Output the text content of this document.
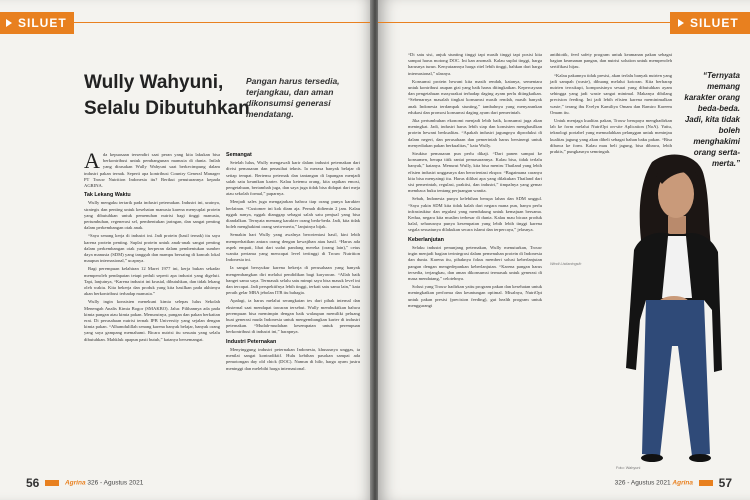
SILUET
Wully Wahyuni,
Selalu Dibutuhkan
Pangan harus tersedia, terjangkau, dan aman dikonsumsi generasi mendatang.
A da kepuasaan tersendiri saat peran yang kita lakukan bisa berkontribusi untuk pembangunan manusia di dunia. Inilah yang dirasakan Wully Wahyuni saat berkecimpung dalam industri pakan ternak. Seperti apa kontribusi Country General Manager PT Trouw Nutrition Indonesia itu? Berikut penuturannya kepada AGRINA.

Tak Lekang Waktu

Wully mengaku tertarik pada industri peternakan. Industri ini, urainya, strategis dan penting untuk kesehatan manusia karena menyuplai protein yang dibutuhkan untuk pemenuhan nutrisi bagi tinggi manusia, pertumbuhan, regenerasi sel, pembentukan jaringan, dan sangat penting dalam perkembangan otak anak.

“Saya senang kerja di industri ini. Jadi protein (hasil ternak) itu saya karena protein penting. Suplai protein untuk anak-anak sangat penting dalam perkembangan otak yang berperan dalam pembentukan sumber daya manusia (SDM) yang tangguh dan mampu bersaing di kancah lokal maupun internasional,” ucapnya.

Bagi perempuan kelahiran 12 Maret 1977 ini, kerja bukan sekadar memperoleh pendapatan tetapi peduli seperti apa industri yang digeluti. Tapi, lanjutnya, “Karena industri ini krusial, dibutuhkan, dan tidak lekang oleh waktu. Kita bekerja dan produk yang kita hasilkan pada akhirnya akan berkontribusi terhadap manusia.”

Wully ingin konsisten menekuni kimia selepas lulus Sekolah Menengah Analis Kimia Bogor (SMAKBO). Jalur. Pilihannya ada pada kimia pangan atau kimia pakan. Menurutnya, pangan dan pakan berkaitan erat. Di perusahaan nutrisi ternak IPB University yang sejalan dengan kimia pakan. “Alhamdulillah senang karena banyak belajar, banyak orang yang saya gampang memahami. Bicara nutrisi itu sesuatu yang selalu dibutuhkan. Mahkluk apapun pasti butuh,” katanya bersemangat.

Semangat

Setelah lulus, Wully mengawali karir dalam industri peternakan dari divisi pemasaran dan penasihat teknis. Ia merasa banyak belajar di setiap tempat. Bertemu peternak dan tantangan di lapangan menjadi salah satu keunikan karier. Kalau ketemu orang, kita rapikan emosi, pengetahuan, bertambah juga, dan saya juga tidak bisa didapat dari meja atau sekolah formal,” paparnya.

Menjadi sales juga mengajarkan bahwa tiap orang punya karakter berlainan. “Customer ini kok diam aja. Pernah didiemin 2 jam. Kalau nggak nanya, nggak dianggap sebagai salah satu penjual yang bisa diandalkan. Ternyata memang karakter orang beda-beda. Jadi, kita tidak boleh menghakimi orang serta-merta,” lanjutnya bijak.

Semakin hari Wully yang awalnya berorientasi hasil, kini lebih memperhatikan antara orang dengan kewajiban atau hasil. “Harus ada aspek empati, lihat dari sudut pandang mereka (orang lain),” cetus wanita pertama yang mencapai level tertinggi di Trouw Nutrition Indonesia ini.

Ia sangat bersyukur karena bekerja di perusahaan yang banyak mengembangkan diri melalui pendidikan bagi karyawan. “Allah baik banget sama saya. Termasuk selalu satu mimpi saya bisa masuk level ini dan tercapai. Jadi perspektifnya lebih tinggi, terkait satu sama lain,” kata peraih gelar MBA jebolan ITB itu bahagia.

Apalagi, ia harus melalui serangkaian tes dari pihak internal dan eksternal saat mendapat tawaran tersebut. Wully membuktikan bahwa perempuan bisa memimpin dengan baik walaupun memiliki peluang buat generasi muda Indonesia untuk mengembangkan karier di industri peternakan. “Mudah-mudahan kesempatan untuk perempuan berkontribusi di industri ini,” harapnya.

Industri Peternakan

Menyinggung industri peternakan Indonesia, khususnya unggas, ia menilai sangat kontradiktif. Hulu kebihan pasokan sampai ada pemotongan day old chick (DOC). Namun di hilir, harga ayam justru meninggi dan melebihi harga internasional.

56	Agrina 326 - Agustus 2021
SILUET

“Di satu sisi, anjuk stunting tinggi tapi masih tinggi tapi posisi kita sampai harus motong DOC. Ini kan anomali. Kalau suplai tinggi, harga harusnya turun. Kenyataannya harga ritel lebih tinggi, bahkan dari harga internasional,” ulasnya.

Konsumsi protein hewani kita masih rendah, katanya, sementara untuk kontribusi asupan gizi yang baik harus ditingkatkan. Kepercayaan dan pengetahuan masyarakat terhadap daging ayam perlu ditingkatkan. “Sebenarnya masalah tingkat konsumsi masih rendah, masih banyak anak Indonesia terdampak stunting,” tambahnya yang menyarankan edukasi dan promosi konsumsi daging ayam dari pemerintah.

Jika pertumbuhan ekonomi menjadi lebih baik, konsumsi juga akan meningkat. Jadi, industri harus lebih siap dan konsisten menghasilkan protein hewani berkualitas. “Apakah industri jagungnya diproduksi di dalam negeri, dan perusahaan dan pemerintah harus bersinergi untuk menyediakan pakan berkualitas,” kata Wully.

Struktur pemasaran pun perlu dikaji. “Dari panen sampai ke konsumen, berapa titik rantai pemasarannya. Kalau bisa, tidak terlalu banyak,” katanya. Menurut Wully, kita bisa meniru Thailand yang lebih efisien industri unggasnya dan berorientasi ekspor. “Bagaimana caranya kita bisa menyaingi itu. Harus dilihat apa yang dilakukan Thailand dari sisi pemerintah, regulasi, praktisi, dan industri,” timpalnya yang gemar membaca buku tentang perjuangan wanita.

Sebab, Indonesia punya kelebihan berupa lahan dan SDM unggul. “Saya yakin SDM kita tidak kalah dari negara mana pun, hanya perlu infrastruktur dan regulasi yang mendukung untuk kemajuan bersama. Kedua, negara kita muslim terbesar di dunia. Kalau mau bicara produk halal, seharusnya punya kesempatan yang lebih lebih tinggi karena segala sesuatunya dilakukan secara islami dan terpercaya,” jelasnya.

Keberlanjutan

Selaku industri penunjang peternakan, Wully menuturkan, Trouw ingin menjadi bagian terintegrasi dalam pemenuhan protein di Indonesia dan dunia. Karena itu, pihaknya fokus memberi solusi keberlanjutan pangan dengan mengedepankan keberlanjutan. “Karena pangan harus tersedia, terjangkau, dan aman dikonsumsi termasuk untuk generasi di masa mendatang,” celotehnya.

Solusi yang Trouw hadirkan yaitu program pakan dan kesehatan untuk meningkatkan performa dan keuntungan optimal. Misalnya, NutriOpt untuk pakan presisi (precision feeding), gut health program untuk menggurangi

antibiotik, feed safety program untuk keamanan pakan sebagai bagian keamanan pangan, dan nutrisi solution untuk memperoleh sertifikasi hijau.

“Kalau pakannya tidak presisi, akan terlalu banyak nutrien yang jadi sampah (waste), dibuang melalui kotoran. Kita berharap nutrien tercukupi, komposisinya sesuai yang dibutuhkan ayam sehingga yang jadi waste sangat minimal. Makanya dibilang precision feeding. Ini jadi lebih efisien karena meminimalkan waste,” terang ibu Evelyn Kamiliya Omam dan Ramiro Kareem Omam itu.

Untuk menjaga kualitas pakan, Trouw berupaya menghadirkan lab ke form melalui NutriOpt on-site Aplication (NoA). Yaitu, teknologi portabel yang memudahkan pelanggan untuk meninjau kualitas jagung yang akan dibeli sebagai bahan baku pakan. “Bisa dibawa ke form. Kalau mau beli jagung, bisa dibawa, lebih praktis,” pungkasnya semringah.

Windi Listianingsih
“Ternyata memang karakter orang beda-beda. Jadi, kita tidak boleh menghakimi orang serta-merta.”
Foto: Wahyuni
326 - Agustus 2021 Agrina 57
